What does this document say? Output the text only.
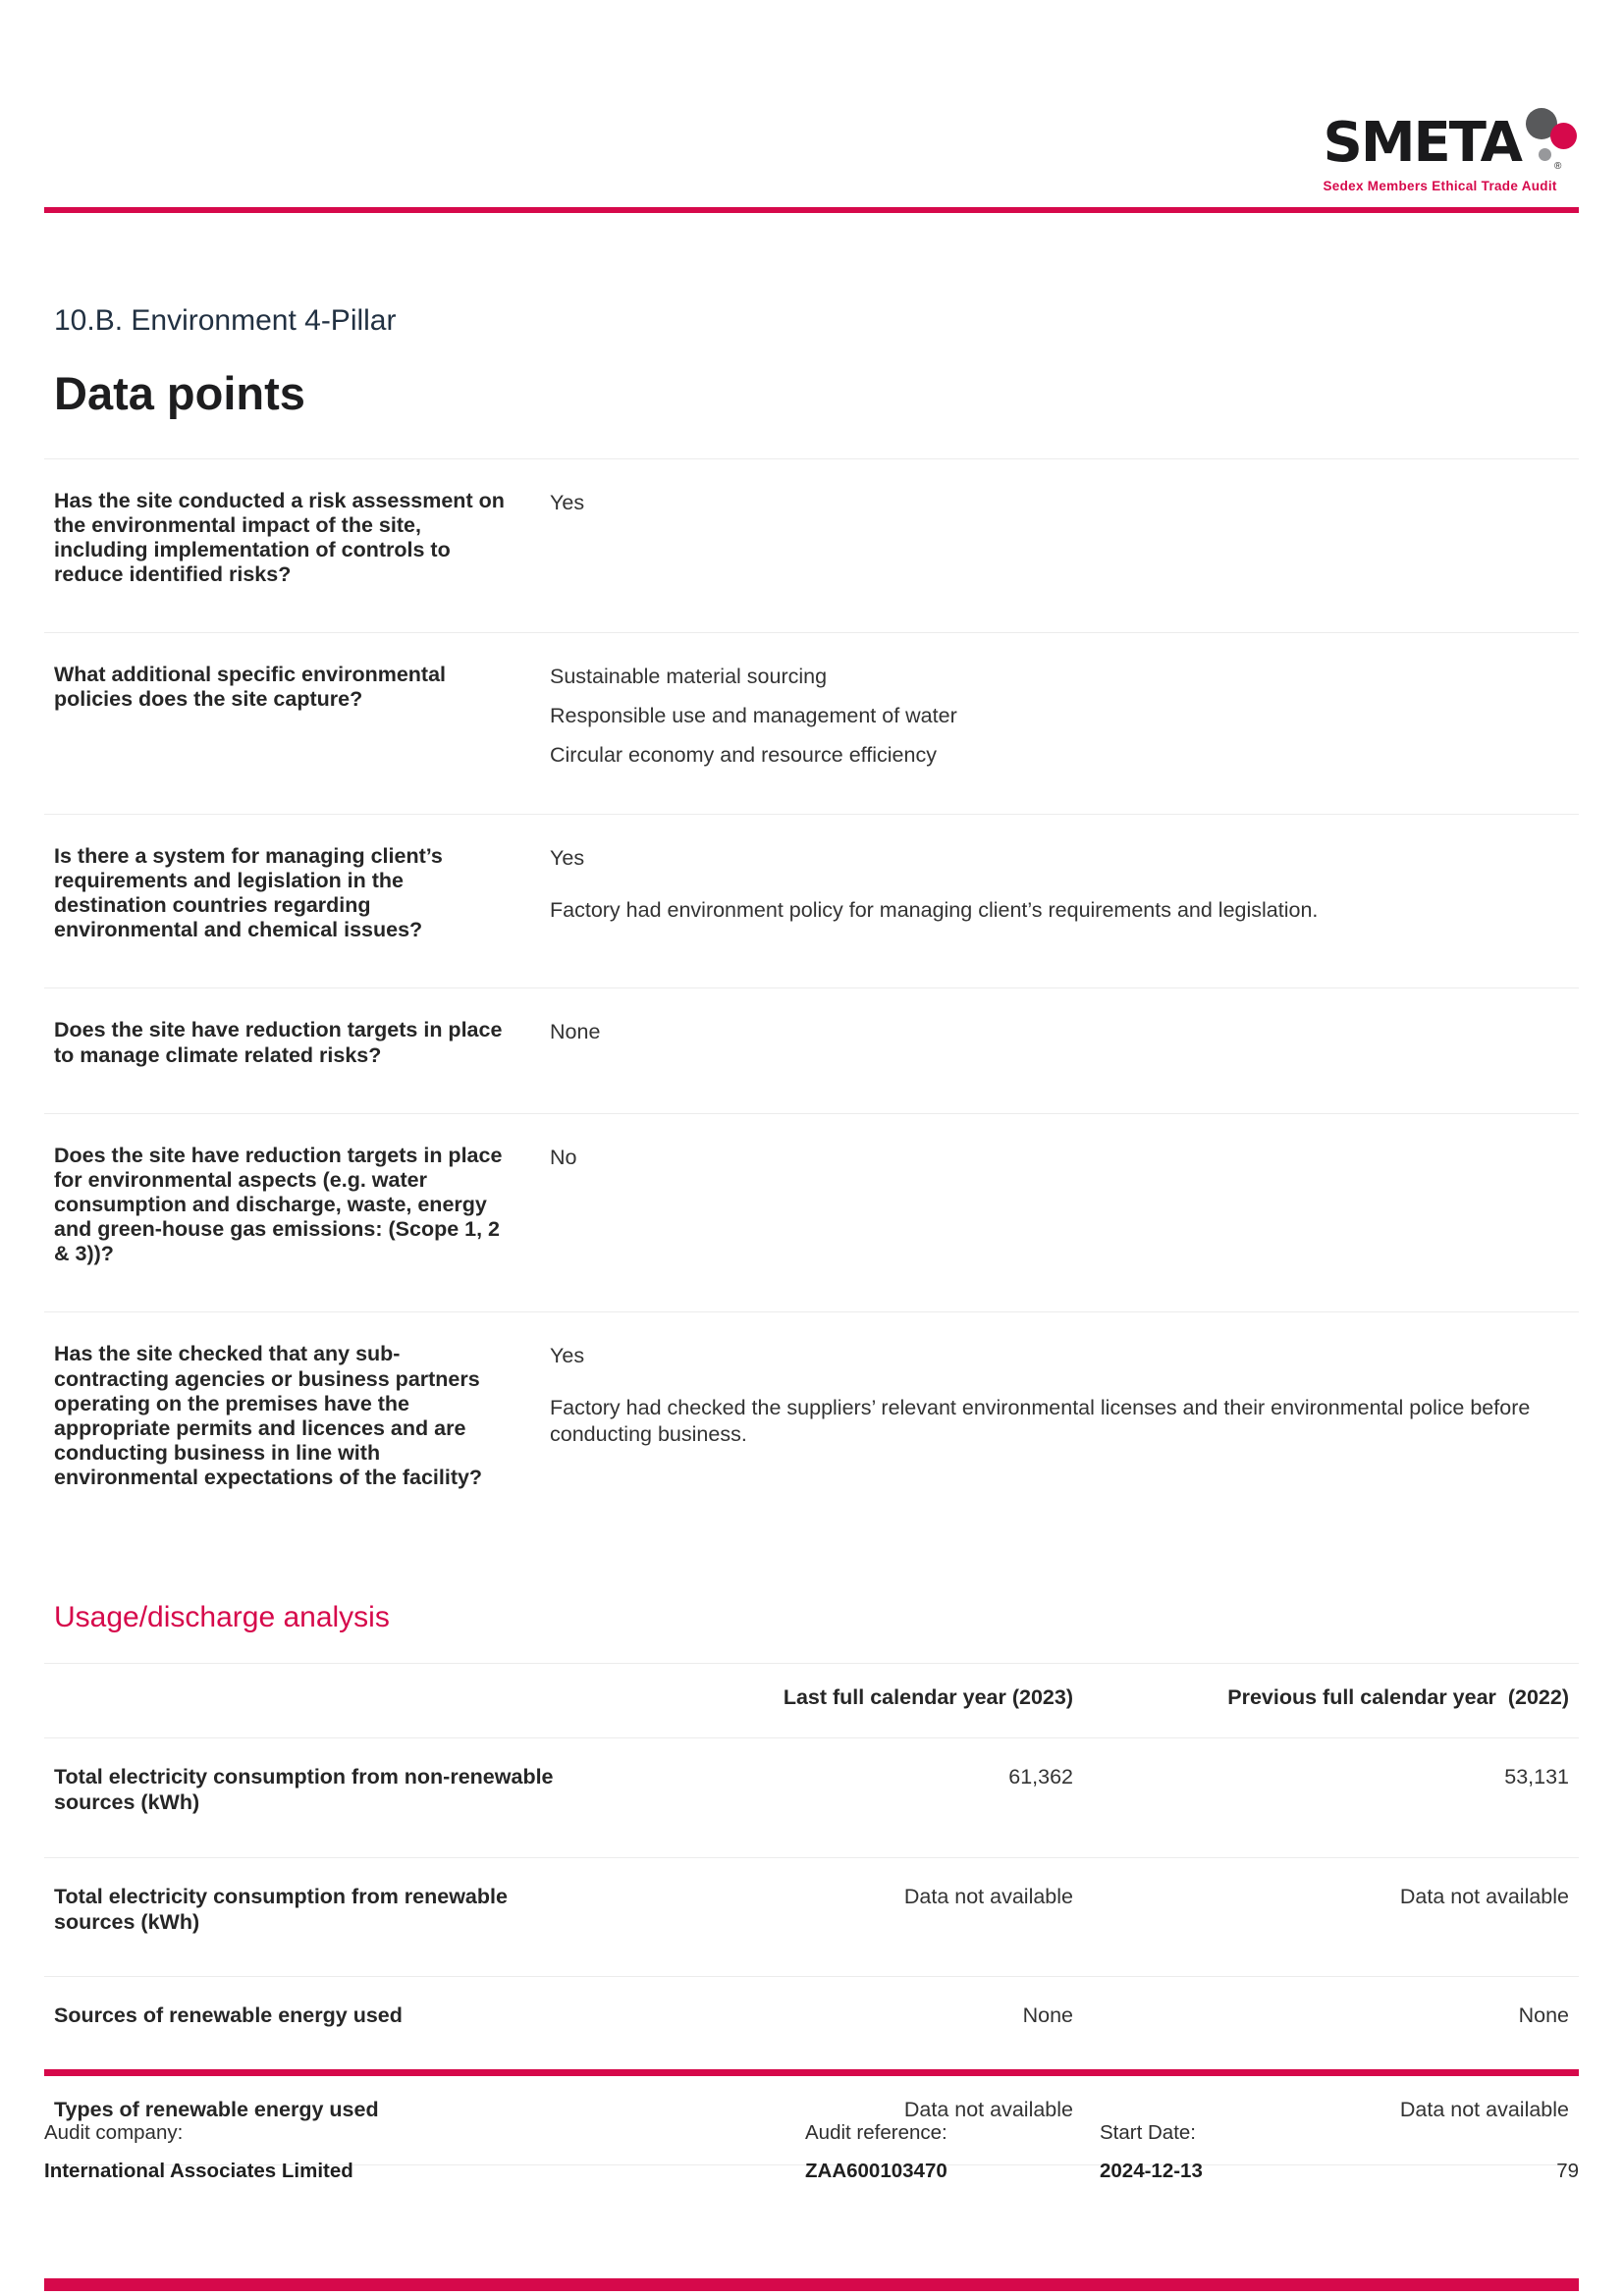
SMETA	®
Sedex Members Ethical Trade Audit
10.B. Environment 4-Pillar
Data points
Has the site conducted a risk assessment on the environmental impact of the site, including implementation of controls to reduce identified risks?

Yes

What additional specific environmental policies does the site capture?

Sustainable material sourcing

Responsible use and management of water

Circular economy and resource efficiency

Is there a system for managing client’s requirements and legislation in the destination countries regarding environmental and chemical issues?

Yes

Factory had environment policy for managing client’s requirements and legislation.

Does the site have reduction targets in place to manage climate related risks?

None

Does the site have reduction targets in place for environmental aspects (e.g. water consumption and discharge, waste, energy and green-house gas emissions: (Scope 1, 2 & 3))?

No

Has the site checked that any sub-contracting agencies or business partners operating on the premises have the appropriate permits and licences and are conducting business in line with environmental expectations of the facility?

Yes

Factory had checked the suppliers’ relevant environmental licenses and their environmental police before conducting business.

Usage/discharge analysis
Last full calendar year (2023)	Previous full calendar year  (2022)
Total electricity consumption from non-renewable sources (kWh)
61,362	53,131
Total electricity consumption from renewable sources (kWh)
Data not available	Data not available
Sources of renewable energy used	None	None
Types of renewable energy used	Data not available	Data not available
Audit company:
International Associates Limited
Audit reference:
ZAA600103470
Start Date:
2024-12-13	79
